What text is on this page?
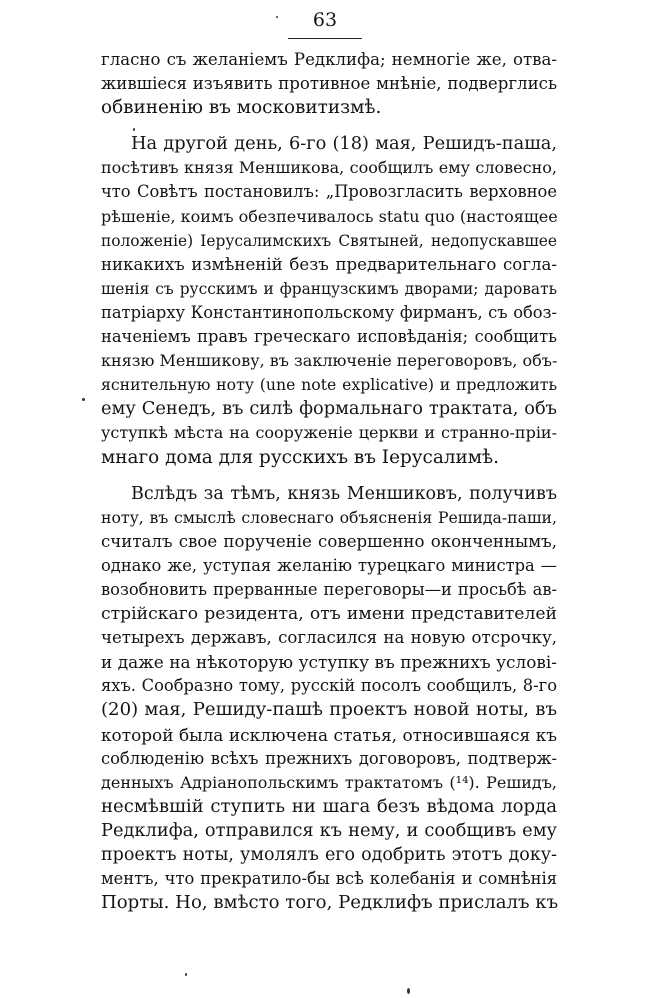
63
гласно съ желаніемъ Редклифа; немногіе же, отва-
жившіеся изъявить противное мнѣніе, подверглись
обвиненію въ московитизмѣ.
На другой день, 6-го (18) мая, Решидъ-паша,
посѣтивъ князя Меншикова, сообщилъ ему словесно,
что Совѣтъ постановилъ: „Провозгласить верховное
рѣшеніе, коимъ обезпечивалось statu quo (настоящее
положеніе) Іерусалимскихъ Святыней, недопускавшее
никакихъ измѣненій безъ предварительнаго согла-
шенія съ русскимъ и французскимъ дворами; даровать
патріарху Константинопольскому фирманъ, съ обоз-
наченіемъ правъ греческаго исповѣданія; сообщить
князю Меншикову, въ заключеніе переговоровъ, объ-
яснительную ноту (une note explicative) и предложить
ему Сенедъ, въ силѣ формальнаго трактата, объ
уступкѣ мѣста на сооруженіе церкви и странно-пріи-
мнаго дома для русскихъ въ Іерусалимѣ.
Вслѣдъ за тѣмъ, князь Меншиковъ, получивъ
ноту, въ смыслѣ словеснаго объясненія Решида-паши,
считалъ свое порученіе совершенно оконченнымъ,
однако же, уступая желанію турецкаго министра —
возобновить прерванные переговоры—и просьбѣ ав-
стрійскаго резидента, отъ имени представителей
четырехъ державъ, согласился на новую отсрочку,
и даже на нѣкоторую уступку въ прежнихъ услові-
яхъ. Сообразно тому, русскій посолъ сообщилъ, 8-го
(20) мая, Решиду-пашѣ проектъ новой ноты, въ
которой была исключена статья, относившаяся къ
соблюденію всѣхъ прежнихъ договоровъ, подтверж-
денныхъ Адріанопольскимъ трактатомъ (¹⁴). Решидъ,
несмѣвшій ступить ни шага безъ вѣдома лорда
Редклифа, отправился къ нему, и сообщивъ ему
проектъ ноты, умолялъ его одобрить этотъ доку-
ментъ, что прекратило-бы всѣ колебанія и сомнѣнія
Порты. Но, вмѣсто того, Редклифъ прислалъ къ
